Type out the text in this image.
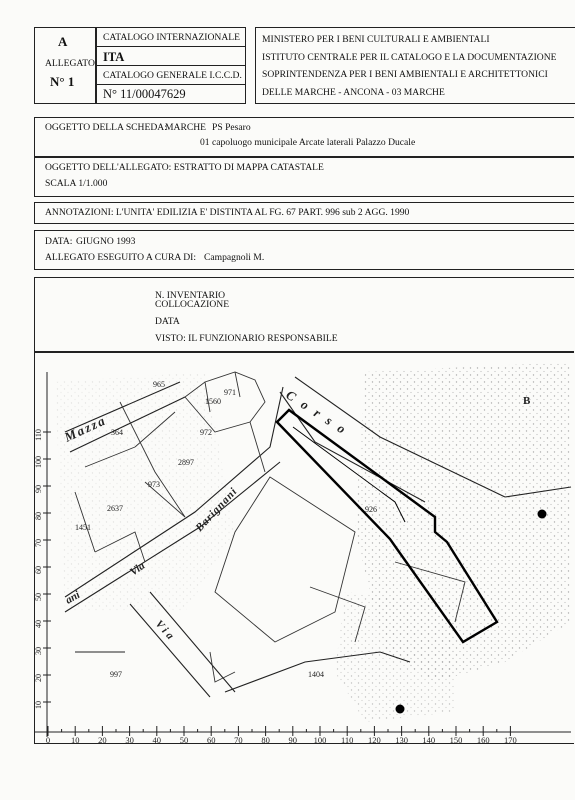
A
ALLEGATO
N° 1
CATALOGO INTERNAZIONALE
ITA
CATALOGO GENERALE I.C.C.D.
N° 11/00047629
MINISTERO PER I BENI CULTURALI E AMBIENTALI
ISTITUTO CENTRALE PER IL CATALOGO E LA DOCUMENTAZIONE
SOPRINTENDENZA PER I BENI AMBIENTALI E ARCHITETTONICI
DELLE MARCHE - ANCONA - 03 MARCHE
OGGETTO DELLA SCHEDA:
MARCHE PS Pesaro
01 capoluogo municipale Arcate laterali Palazzo Ducale
OGGETTO DELL'ALLEGATO: ESTRATTO DI MAPPA CATASTALE
SCALA 1/1.000
ANNOTAZIONI: L'UNITA' EDILIZIA E' DISTINTA AL FG. 67 PART. 996 sub 2 AGG. 1990
DATA: GIUGNO 1993
ALLEGATO ESEGUITO A CURA DI: Campagnoli M.
N. INVENTARIO
COLLOCAZIONE
DATA
VISTO: IL FUNZIONARIO RESPONSABILE
10
20
30
40
50
60
70
80
90
100
110
965
971
1560
364	972
2897
973
2637
1451
926
997	1404
Mazza	Corso
Barignani
Via
Via
ani
B
0 10 20 30 40 50 60 70 80 90 100 110 120 130 140 150 160 170
